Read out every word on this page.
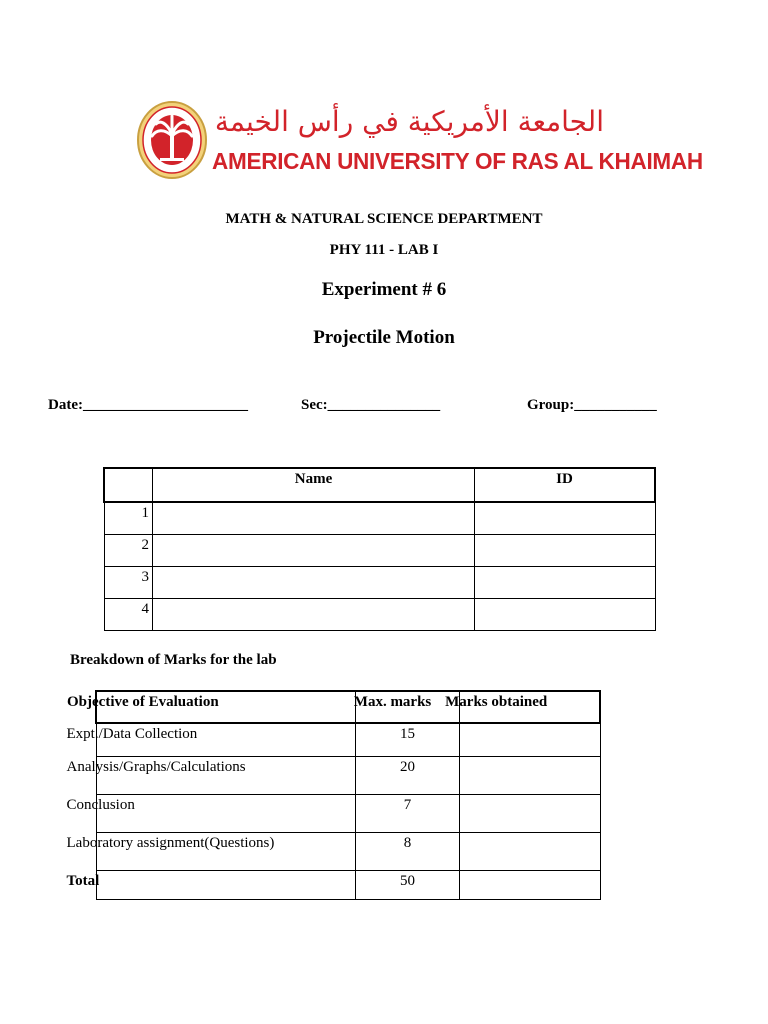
الجامعة الأمريكية في رأس الخيمة
AMERICAN UNIVERSITY OF RAS AL KHAIMAH
MATH & NATURAL SCIENCE DEPARTMENT
PHY 111 - LAB I
Experiment # 6
Projectile Motion
Date:______________________	Sec:_______________	Group:___________
	Name	ID
1		
2		
3		
4		
Breakdown of Marks for the lab
Objective of Evaluation	Max. marks	Marks obtained
Expt./Data Collection	15	
Analysis/Graphs/Calculations	20	
Conclusion	7	
Laboratory assignment(Questions)	8	
Total	50	
